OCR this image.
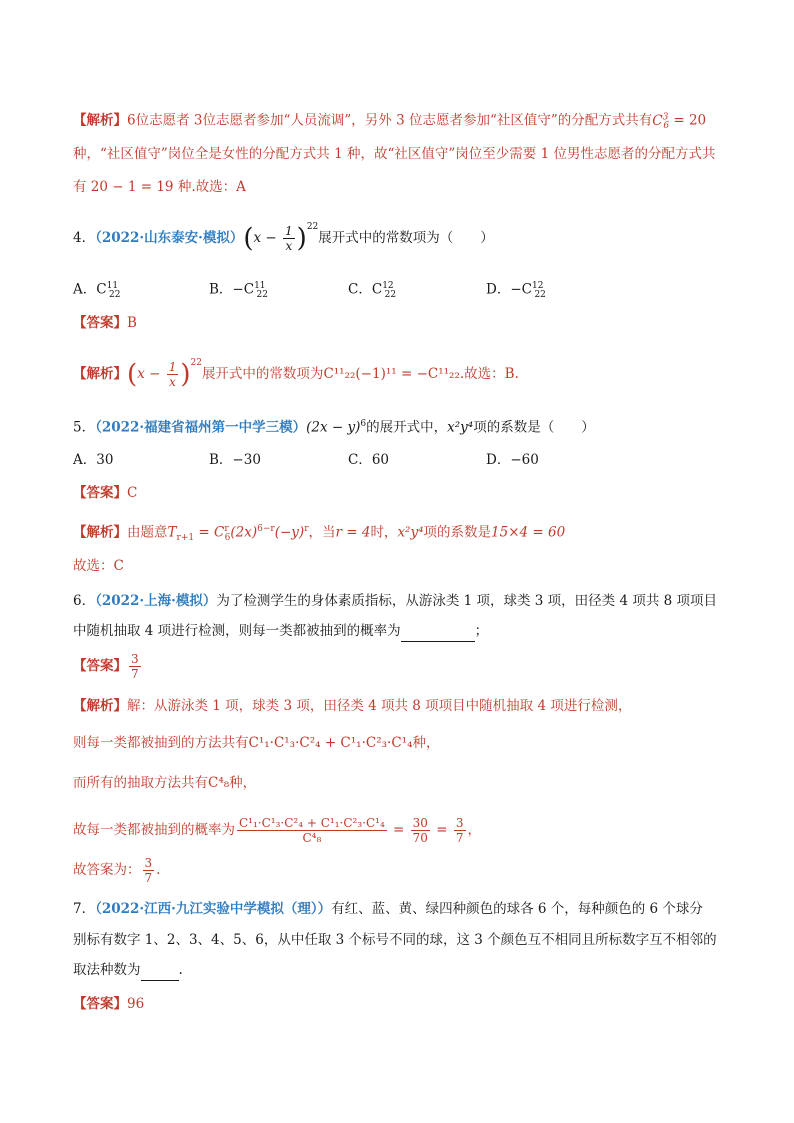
【解析】6位志愿者 3位志愿者参加“人员流调”，另外 3 位志愿者参加“社区值守”的分配方式共有$C^3_6 = 20$
种，“社区值守”岗位全是女性的分配方式共 1 种，故“社区值守”岗位至少需要 1 位男性志愿者的分配方式共
有 20 − 1 = 19 种.故选：A
4．（2022·山东泰安·模拟）$(x - \frac{1}{x} )^{22}$展开式中的常数项为（　　）
A．$C^{11}_{22}$	B．$-C^{11}_{22}$	C．$C^{12}_{22}$	D．$-C^{12}_{22}$
【答案】B
【解析】$(x - \frac{1}{x} )^{22}$展开式中的常数项为C¹¹₂₂(−1)¹¹ = −C¹¹₂₂.故选：B.
5．（2022·福建省福州第一中学三模）$(2x - y)^6$的展开式中，x²y⁴项的系数是（　　）
A．30	B．−30	C．60	D．−60
【答案】C
【解析】由题意$T_{r+1} = C^r_6(2x)^{6-r}(-y)^r$，当r = 4时，x²y⁴项的系数是15×4 = 60
故选：C
6．（2022·上海·模拟）为了检测学生的身体素质指标，从游泳类 1 项，球类 3 项，田径类 4 项共 8 项项目
中随机抽取 4 项进行检测，则每一类都被抽到的概率为	；
【答案】 $\frac{3}{7}$
【解析】解：从游泳类 1 项，球类 3 项，田径类 4 项共 8 项项目中随机抽取 4 项进行检测，
则每一类都被抽到的方法共有C¹₁·C¹₃·C²₄ + C¹₁·C²₃·C¹₄种，
而所有的抽取方法共有C⁴₈种，
故每一类都被抽到的概率为 $\frac{\text{C¹₁·C¹₃·C²₄ + C¹₁·C²₃·C¹₄}}{\text{C⁴₈}} = \frac{30}{70} = \frac{3}{7}$ ，
故答案为： $\frac{3}{7}$ .
7．（2022·江西·九江实验中学模拟（理））有红、蓝、黄、绿四种颜色的球各 6 个，每种颜色的 6 个球分
别标有数字 1、2、3、4、5、6，从中任取 3 个标号不同的球，这 3 个颜色互不相同且所标数字互不相邻的
取法种数为	.
【答案】96
